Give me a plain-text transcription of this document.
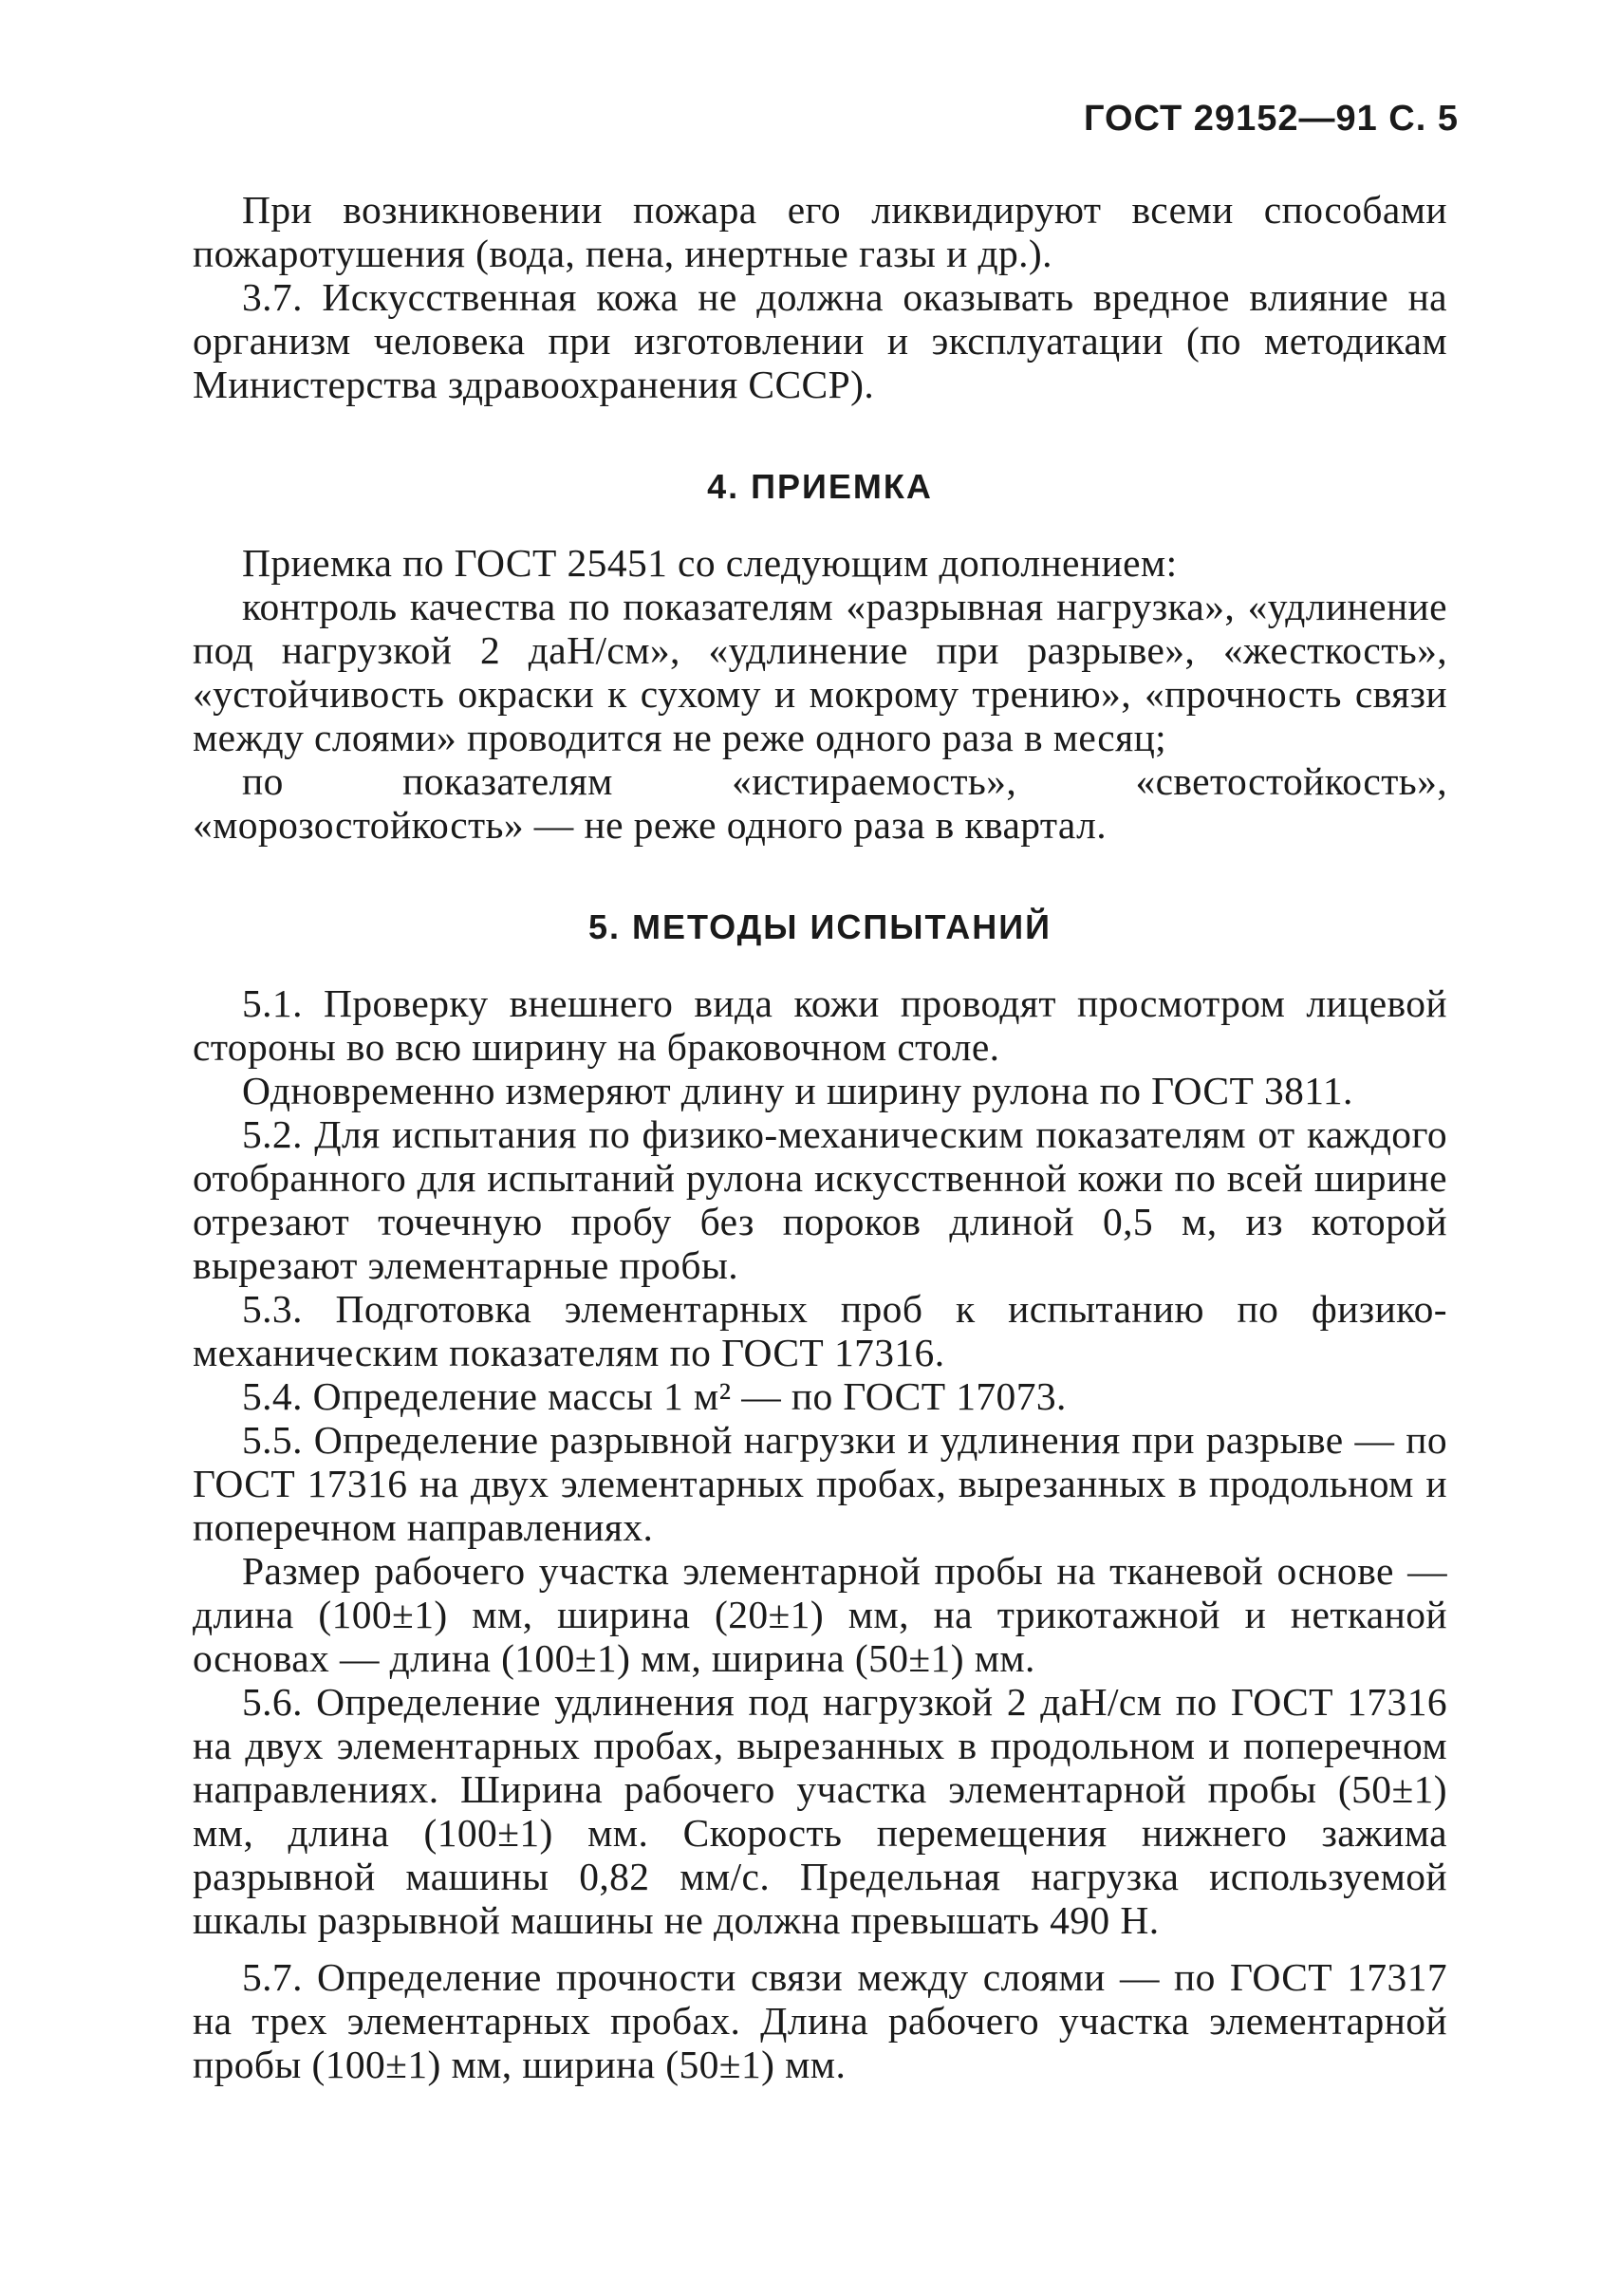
ГОСТ 29152—91 С. 5

При возникновении пожара его ликвидируют всеми способами пожаротушения (вода, пена, инертные газы и др.).

3.7. Искусственная кожа не должна оказывать вредное влияние на организм человека при изготовлении и эксплуатации (по методикам Министерства здравоохранения СССР).

4. ПРИЕМКА

Приемка по ГОСТ 25451 со следующим дополнением:

контроль качества по показателям «разрывная нагрузка», «удлинение под нагрузкой 2 даН/см», «удлинение при разрыве», «жесткость», «устойчивость окраски к сухому и мокрому трению», «прочность связи между слоями» проводится не реже одного раза в месяц;

по показателям «истираемость», «светостойкость», «морозостойкость» — не реже одного раза в квартал.

5. МЕТОДЫ ИСПЫТАНИЙ

5.1. Проверку внешнего вида кожи проводят просмотром лицевой стороны во всю ширину на браковочном столе.

Одновременно измеряют длину и ширину рулона по ГОСТ 3811.

5.2. Для испытания по физико-механическим показателям от каждого отобранного для испытаний рулона искусственной кожи по всей ширине отрезают точечную пробу без пороков длиной 0,5 м, из которой вырезают элементарные пробы.

5.3. Подготовка элементарных проб к испытанию по физико-механическим показателям по ГОСТ 17316.

5.4. Определение массы 1 м² — по ГОСТ 17073.

5.5. Определение разрывной нагрузки и удлинения при разрыве — по ГОСТ 17316 на двух элементарных пробах, вырезанных в продольном и поперечном направлениях.

Размер рабочего участка элементарной пробы на тканевой основе — длина (100±1) мм, ширина (20±1) мм, на трикотажной и нетканой основах — длина (100±1) мм, ширина (50±1) мм.

5.6. Определение удлинения под нагрузкой 2 даН/см по ГОСТ 17316 на двух элементарных пробах, вырезанных в продольном и поперечном направлениях. Ширина рабочего участка элементарной пробы (50±1) мм, длина (100±1) мм. Скорость перемещения нижнего зажима разрывной машины 0,82 мм/с. Предельная нагрузка используемой шкалы разрывной машины не должна превышать 490 Н.

5.7. Определение прочности связи между слоями — по ГОСТ 17317 на трех элементарных пробах. Длина рабочего участка элементарной пробы (100±1) мм, ширина (50±1) мм.
